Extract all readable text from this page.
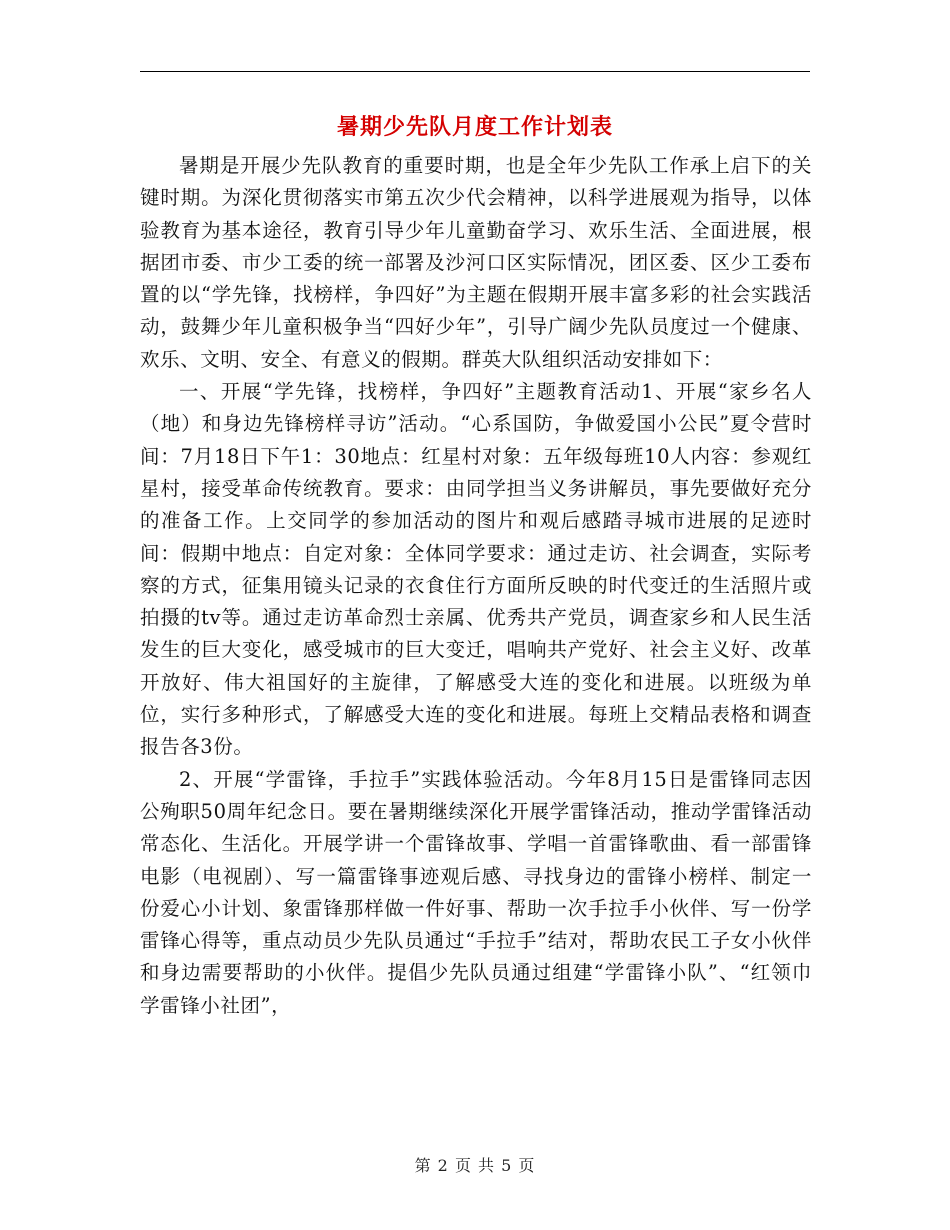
暑期少先队月度工作计划表

暑期是开展少先队教育的重要时期，也是全年少先队工作承上启下的关键时期。为深化贯彻落实市第五次少代会精神，以科学进展观为指导，以体验教育为基本途径，教育引导少年儿童勤奋学习、欢乐生活、全面进展，根据团市委、市少工委的统一部署及沙河口区实际情况，团区委、区少工委布置的以“学先锋，找榜样，争四好”为主题在假期开展丰富多彩的社会实践活动，鼓舞少年儿童积极争当“四好少年”，引导广阔少先队员度过一个健康、欢乐、文明、安全、有意义的假期。群英大队组织活动安排如下：

一、开展“学先锋，找榜样，争四好”主题教育活动1、开展“家乡名人（地）和身边先锋榜样寻访”活动。“心系国防，争做爱国小公民”夏令营时间：7月18日下午1：30地点：红星村对象：五年级每班10人内容：参观红星村，接受革命传统教育。要求：由同学担当义务讲解员，事先要做好充分的准备工作。上交同学的参加活动的图片和观后感踏寻城市进展的足迹时间：假期中地点：自定对象：全体同学要求：通过走访、社会调查，实际考察的方式，征集用镜头记录的衣食住行方面所反映的时代变迁的生活照片或拍摄的tv等。通过走访革命烈士亲属、优秀共产党员，调查家乡和人民生活发生的巨大变化，感受城市的巨大变迁，唱响共产党好、社会主义好、改革开放好、伟大祖国好的主旋律，了解感受大连的变化和进展。以班级为单位，实行多种形式，了解感受大连的变化和进展。每班上交精品表格和调查报告各3份。

2、开展“学雷锋，手拉手”实践体验活动。今年8月15日是雷锋同志因公殉职50周年纪念日。要在暑期继续深化开展学雷锋活动，推动学雷锋活动常态化、生活化。开展学讲一个雷锋故事、学唱一首雷锋歌曲、看一部雷锋电影（电视剧）、写一篇雷锋事迹观后感、寻找身边的雷锋小榜样、制定一份爱心小计划、象雷锋那样做一件好事、帮助一次手拉手小伙伴、写一份学雷锋心得等，重点动员少先队员通过“手拉手”结对，帮助农民工子女小伙伴和身边需要帮助的小伙伴。提倡少先队员通过组建“学雷锋小队”、“红领巾学雷锋小社团”，

第 2 页 共 5 页
